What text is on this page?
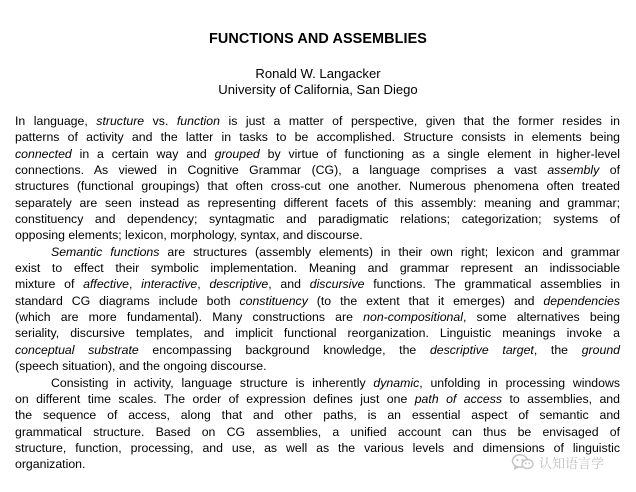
FUNCTIONS AND ASSEMBLIES
Ronald W. Langacker
University of California, San Diego
In language, structure vs. function is just a matter of perspective, given that the former resides in
patterns of activity and the latter in tasks to be accomplished. Structure consists in elements being
connected in a certain way and grouped by virtue of functioning as a single element in higher-level
connections. As viewed in Cognitive Grammar (CG), a language comprises a vast assembly of
structures (functional groupings) that often cross-cut one another. Numerous phenomena often treated
separately are seen instead as representing different facets of this assembly: meaning and grammar;
constituency and dependency; syntagmatic and paradigmatic relations; categorization; systems of
opposing elements; lexicon, morphology, syntax, and discourse.
Semantic functions are structures (assembly elements) in their own right; lexicon and grammar
exist to effect their symbolic implementation. Meaning and grammar represent an indissociable
mixture of affective, interactive, descriptive, and discursive functions. The grammatical assemblies in
standard CG diagrams include both constituency (to the extent that it emerges) and dependencies
(which are more fundamental). Many constructions are non-compositional, some alternatives being
seriality, discursive templates, and implicit functional reorganization. Linguistic meanings invoke a
conceptual substrate encompassing background knowledge, the descriptive target, the ground
(speech situation), and the ongoing discourse.
Consisting in activity, language structure is inherently dynamic, unfolding in processing windows
on different time scales. The order of expression defines just one path of access to assemblies, and
the sequence of access, along that and other paths, is an essential aspect of semantic and
grammatical structure. Based on CG assemblies, a unified account can thus be envisaged of
structure, function, processing, and use, as well as the various levels and dimensions of linguistic
organization.	认知语言学
